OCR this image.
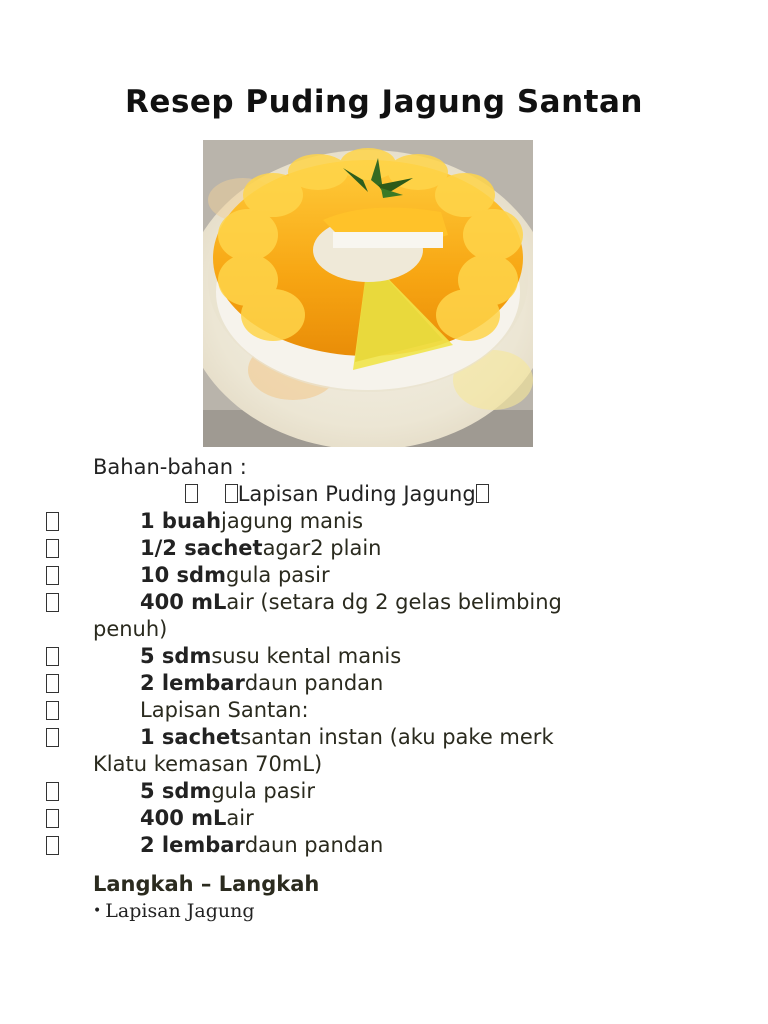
Resep Puding Jagung Santan
Bahan-bahan :
Lapisan Puding Jagung
1 buahjagung manis
1/2 sachetagar2 plain
10 sdmgula pasir
400 mLair (setara dg 2 gelas belimbing
penuh)
5 sdmsusu kental manis
2 lembardaun pandan
Lapisan Santan:
1 sachetsantan instan (aku pake merk
Klatu kemasan 70mL)
5 sdmgula pasir
400 mLair
2 lembardaun pandan
Langkah – Langkah
• Lapisan Jagung
